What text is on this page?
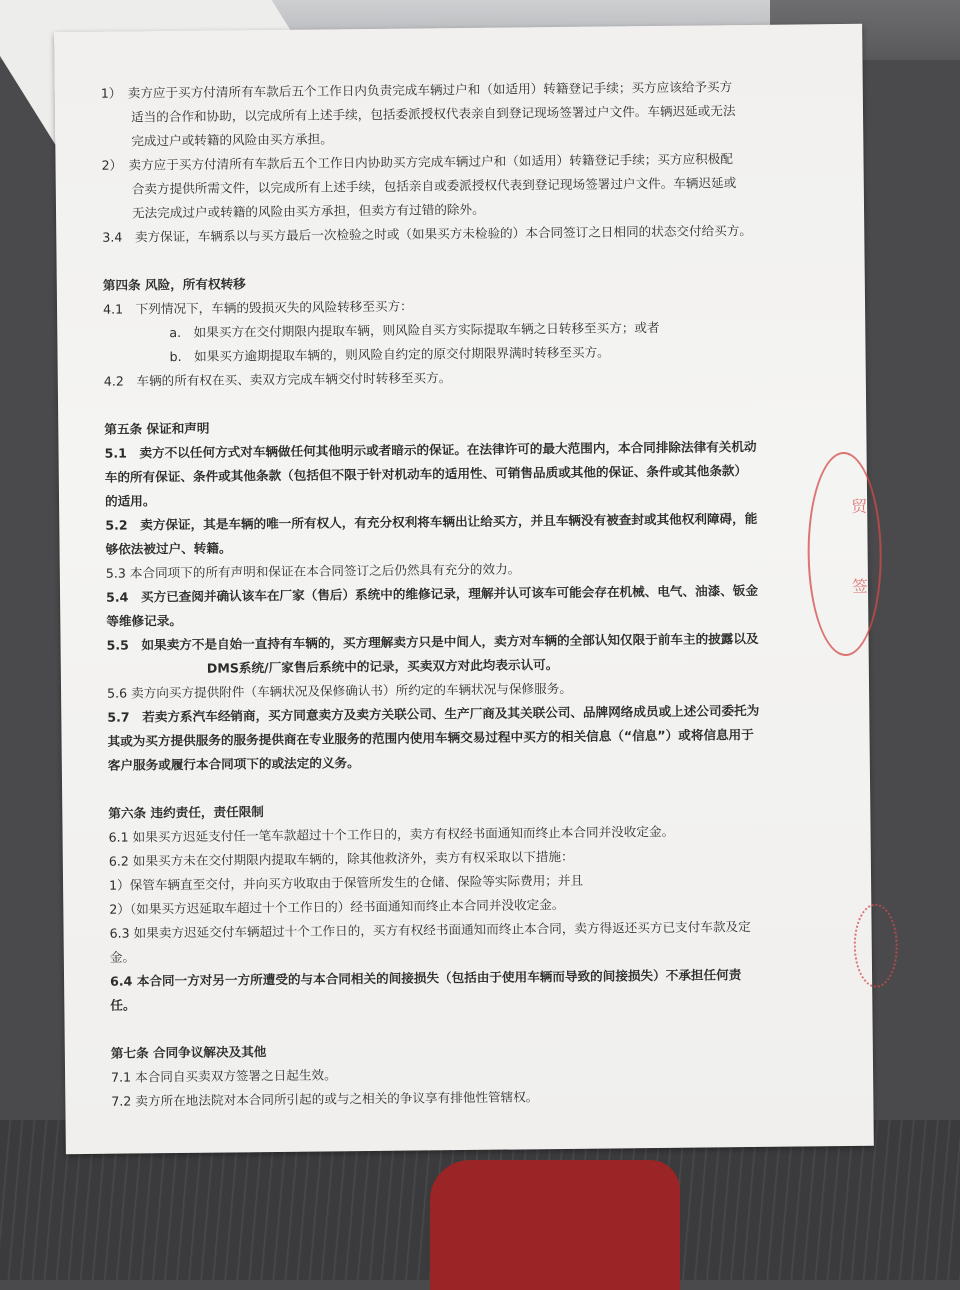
1）　卖方应于买方付清所有车款后五个工作日内负责完成车辆过户和（如适用）转籍登记手续；买方应该给予买方
适当的合作和协助，以完成所有上述手续，包括委派授权代表亲自到登记现场签署过户文件。车辆迟延或无法
完成过户或转籍的风险由买方承担。
2）　卖方应于买方付清所有车款后五个工作日内协助买方完成车辆过户和（如适用）转籍登记手续；买方应积极配
合卖方提供所需文件，以完成所有上述手续，包括亲自或委派授权代表到登记现场签署过户文件。车辆迟延或
无法完成过户或转籍的风险由买方承担，但卖方有过错的除外。
3.4　卖方保证，车辆系以与买方最后一次检验之时或（如果买方未检验的）本合同签订之日相同的状态交付给买方。
第四条 风险，所有权转移
4.1　下列情况下，车辆的毁损灭失的风险转移至买方：
a.　如果买方在交付期限内提取车辆，则风险自买方实际提取车辆之日转移至买方；或者
b.　如果买方逾期提取车辆的，则风险自约定的原交付期限界满时转移至买方。
4.2　车辆的所有权在买、卖双方完成车辆交付时转移至买方。
第五条 保证和声明
5.1　卖方不以任何方式对车辆做任何其他明示或者暗示的保证。在法律许可的最大范围内，本合同排除法律有关机动
车的所有保证、条件或其他条款（包括但不限于针对机动车的适用性、可销售品质或其他的保证、条件或其他条款）
的适用。
5.2　卖方保证，其是车辆的唯一所有权人，有充分权利将车辆出让给买方，并且车辆没有被查封或其他权利障碍，能
够依法被过户、转籍。
5.3 本合同项下的所有声明和保证在本合同签订之后仍然具有充分的效力。
5.4　买方已查阅并确认该车在厂家（售后）系统中的维修记录，理解并认可该车可能会存在机械、电气、油漆、钣金
等维修记录。
5.5　如果卖方不是自始一直持有车辆的，买方理解卖方只是中间人，卖方对车辆的全部认知仅限于前车主的披露以及
DMS系统/厂家售后系统中的记录，买卖双方对此均表示认可。
5.6 卖方向买方提供附件（车辆状况及保修确认书）所约定的车辆状况与保修服务。
5.7　若卖方系汽车经销商，买方同意卖方及卖方关联公司、生产厂商及其关联公司、品牌网络成员或上述公司委托为
其或为买方提供服务的服务提供商在专业服务的范围内使用车辆交易过程中买方的相关信息（“信息”）或将信息用于
客户服务或履行本合同项下的或法定的义务。
第六条 违约责任，责任限制
6.1 如果买方迟延支付任一笔车款超过十个工作日的，卖方有权经书面通知而终止本合同并没收定金。
6.2 如果买方未在交付期限内提取车辆的，除其他救济外，卖方有权采取以下措施：
1）保管车辆直至交付，并向买方收取由于保管所发生的仓储、保险等实际费用；并且
2）（如果买方迟延取车超过十个工作日的）经书面通知而终止本合同并没收定金。
6.3 如果卖方迟延交付车辆超过十个工作日的，买方有权经书面通知而终止本合同，卖方得返还买方已支付车款及定
金。
6.4 本合同一方对另一方所遭受的与本合同相关的间接损失（包括由于使用车辆而导致的间接损失）不承担任何责
任。
第七条 合同争议解决及其他
7.1 本合同自买卖双方签署之日起生效。
7.2 卖方所在地法院对本合同所引起的或与之相关的争议享有排他性管辖权。
贸
签
